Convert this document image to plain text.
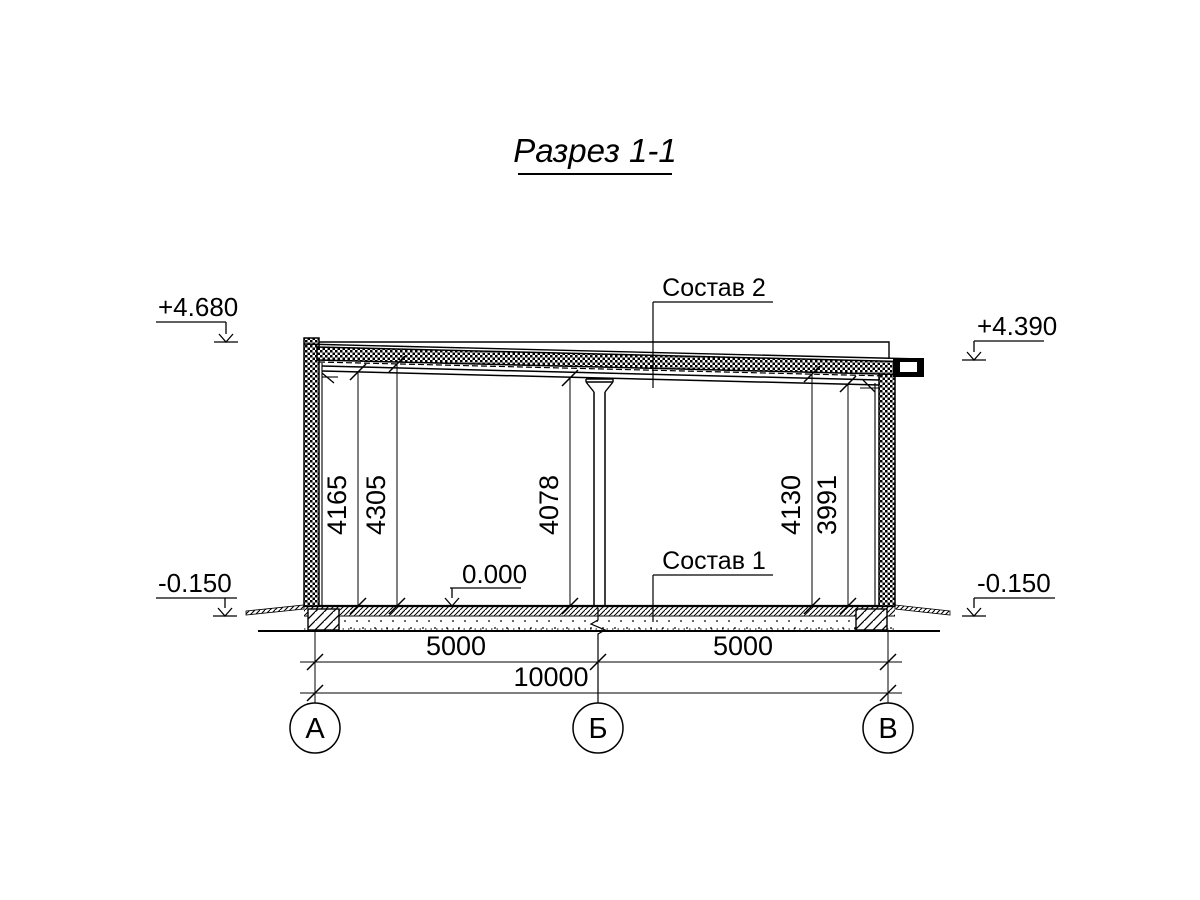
Разрез 1-1
4165 4305	4078	4130 3991
5000	5000
10000
А	Б	В
+4.680
+4.390
0.000
-0.150	-0.150
Состав 2
Состав 1
